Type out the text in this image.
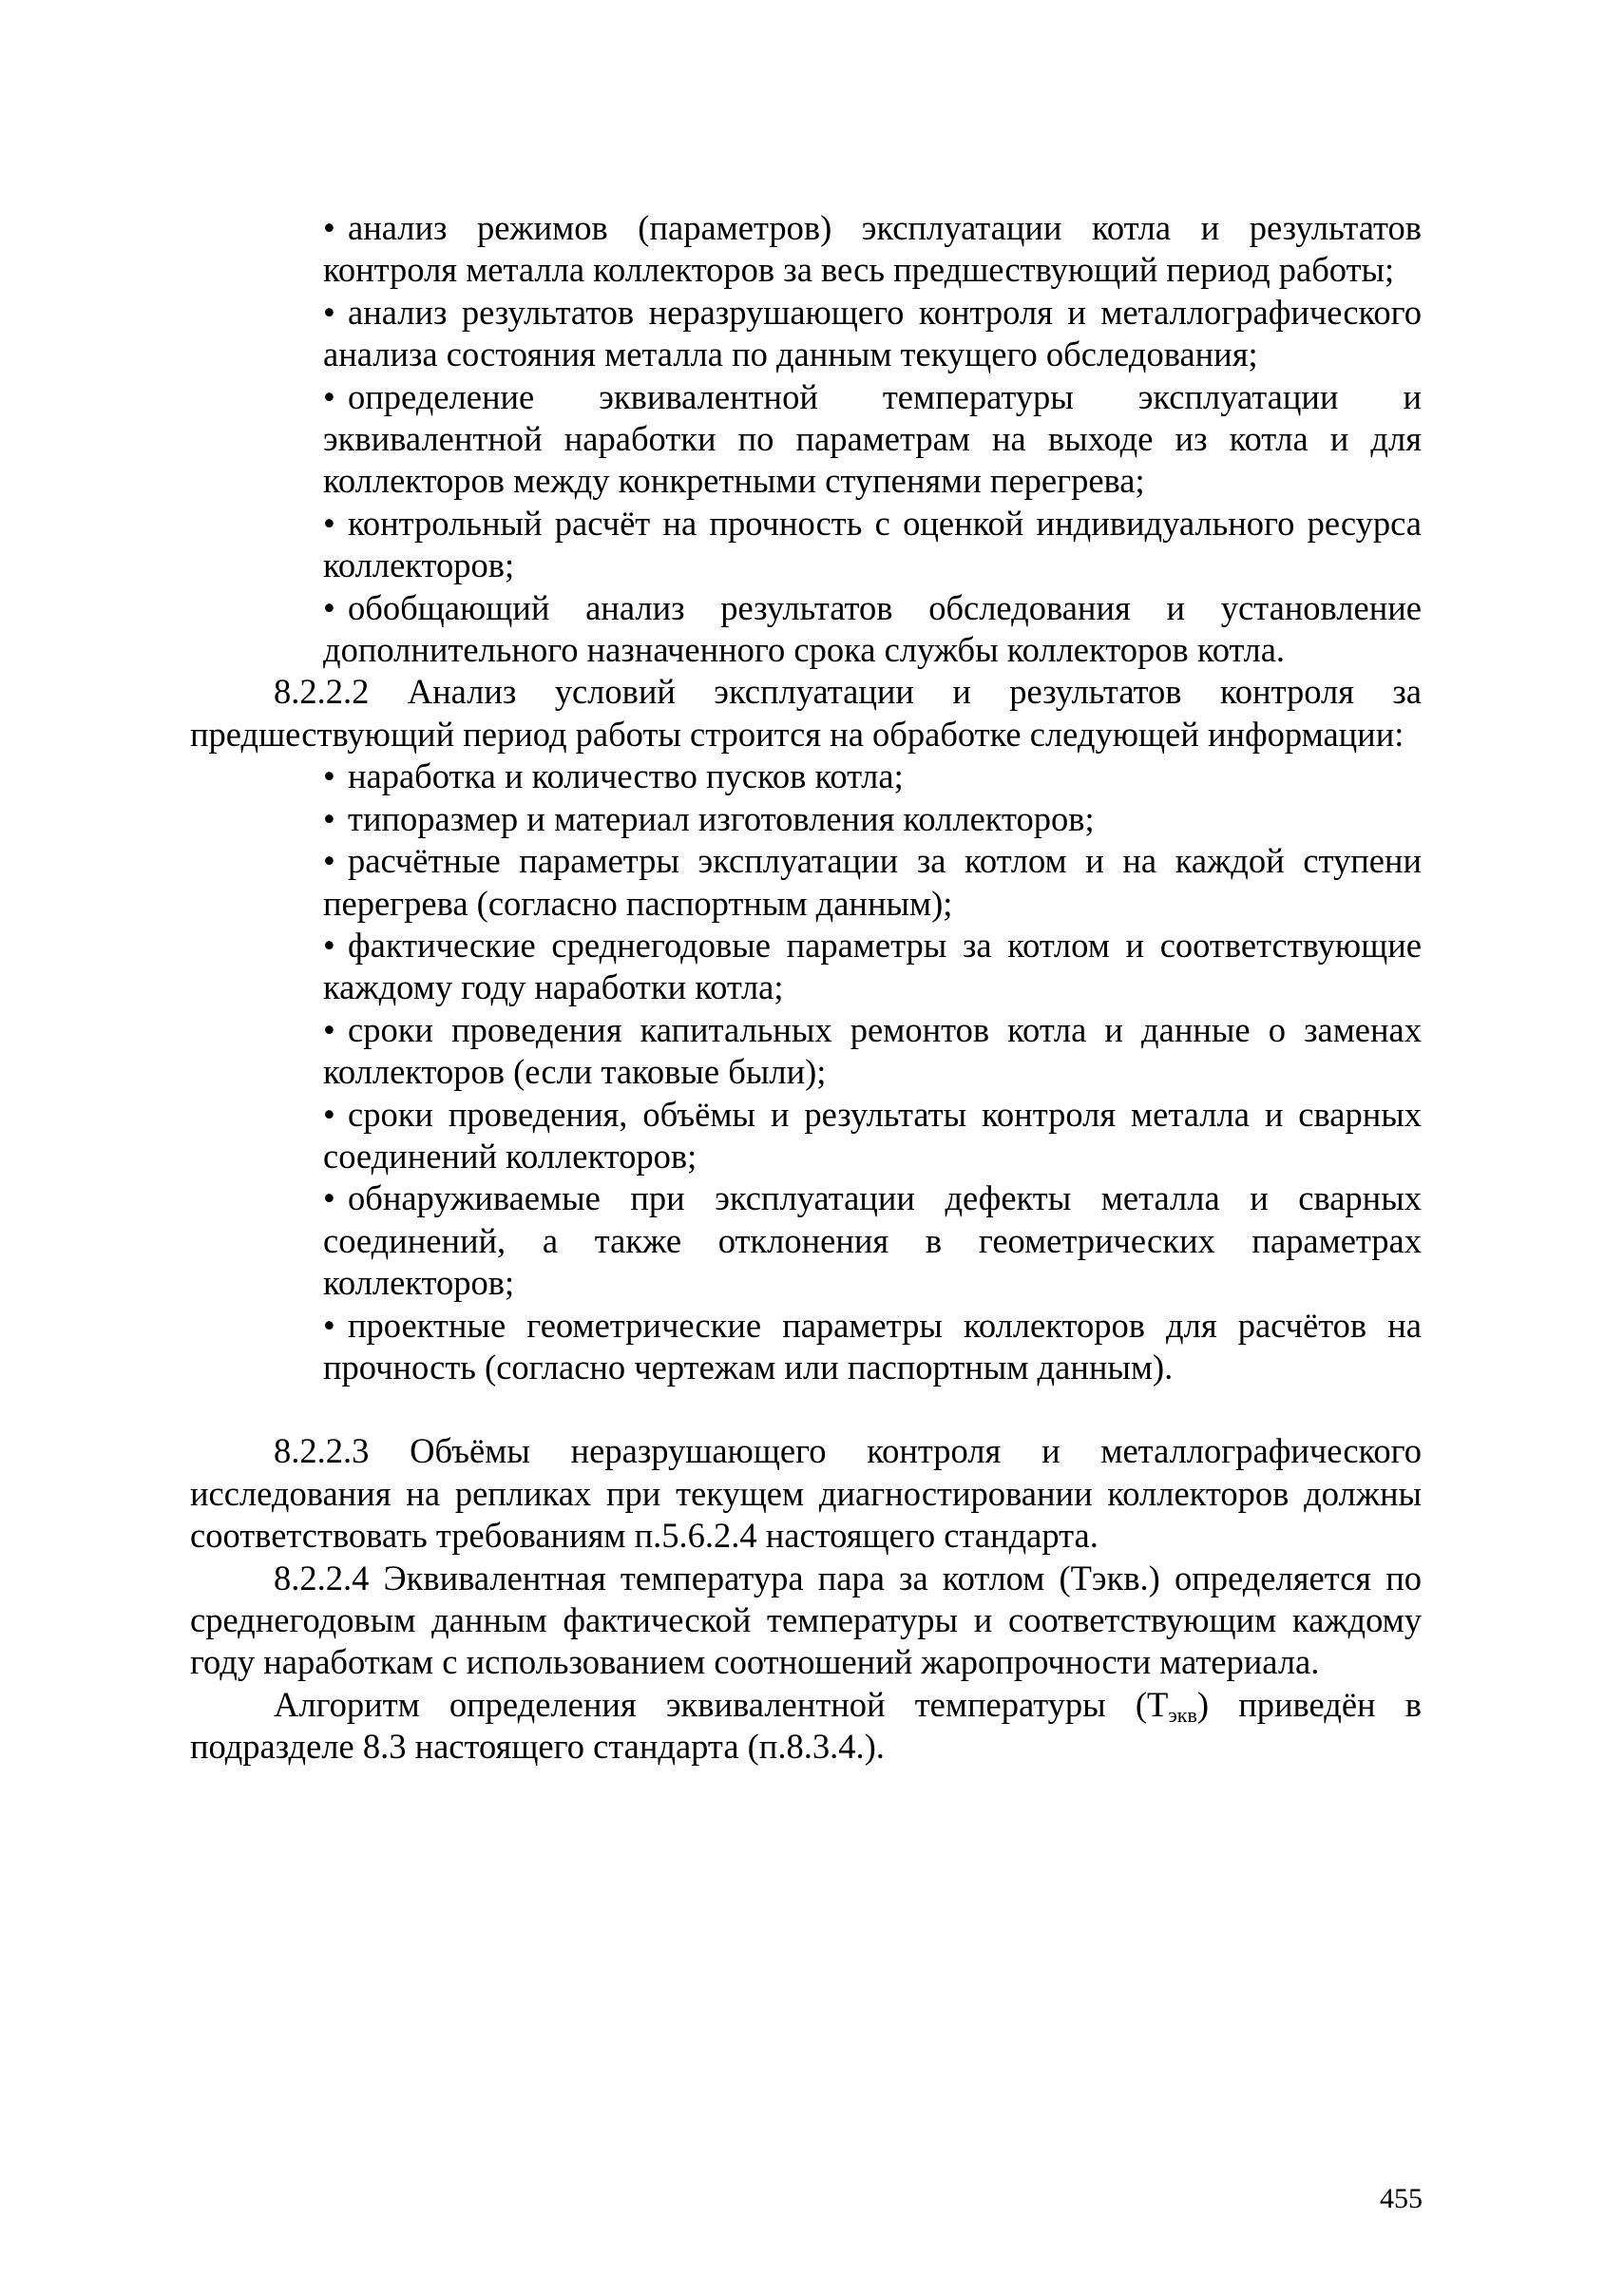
• анализ режимов (параметров) эксплуатации котла и результатов контроля металла коллекторов за весь предшествующий период работы;
• анализ результатов неразрушающего контроля и металлографического анализа состояния металла по данным текущего обследования;
• определение эквивалентной температуры эксплуатации и эквивалентной наработки по параметрам на выходе из котла и для коллекторов между конкретными ступенями перегрева;
• контрольный расчёт на прочность с оценкой индивидуального ресурса коллекторов;
• обобщающий анализ результатов обследования и установление дополнительного назначенного срока службы коллекторов котла.

8.2.2.2 Анализ условий эксплуатации и результатов контроля за предшествующий период работы строится на обработке следующей информации:

• наработка и количество пусков котла;
• типоразмер и материал изготовления коллекторов;
• расчётные параметры эксплуатации за котлом и на каждой ступени перегрева (согласно паспортным данным);
• фактические среднегодовые параметры за котлом и соответствующие каждому году наработки котла;
• сроки проведения капитальных ремонтов котла и данные о заменах коллекторов (если таковые были);
• сроки проведения, объёмы и результаты контроля металла и сварных соединений коллекторов;
• обнаруживаемые при эксплуатации дефекты металла и сварных соединений, а также отклонения в геометрических параметрах коллекторов;
• проектные геометрические параметры коллекторов для расчётов на прочность (согласно чертежам или паспортным данным).

8.2.2.3 Объёмы неразрушающего контроля и металлографического исследования на репликах при текущем диагностировании коллекторов должны соответствовать требованиям п.5.6.2.4 настоящего стандарта.

8.2.2.4 Эквивалентная температура пара за котлом (Тэкв.) определяется по среднегодовым данным фактической температуры и соответствующим каждому году наработкам с использованием соотношений жаропрочности материала.

Алгоритм определения эквивалентной температуры $(Т_{экв})$ приведён в подразделе 8.3 настоящего стандарта (п.8.3.4.).

455
